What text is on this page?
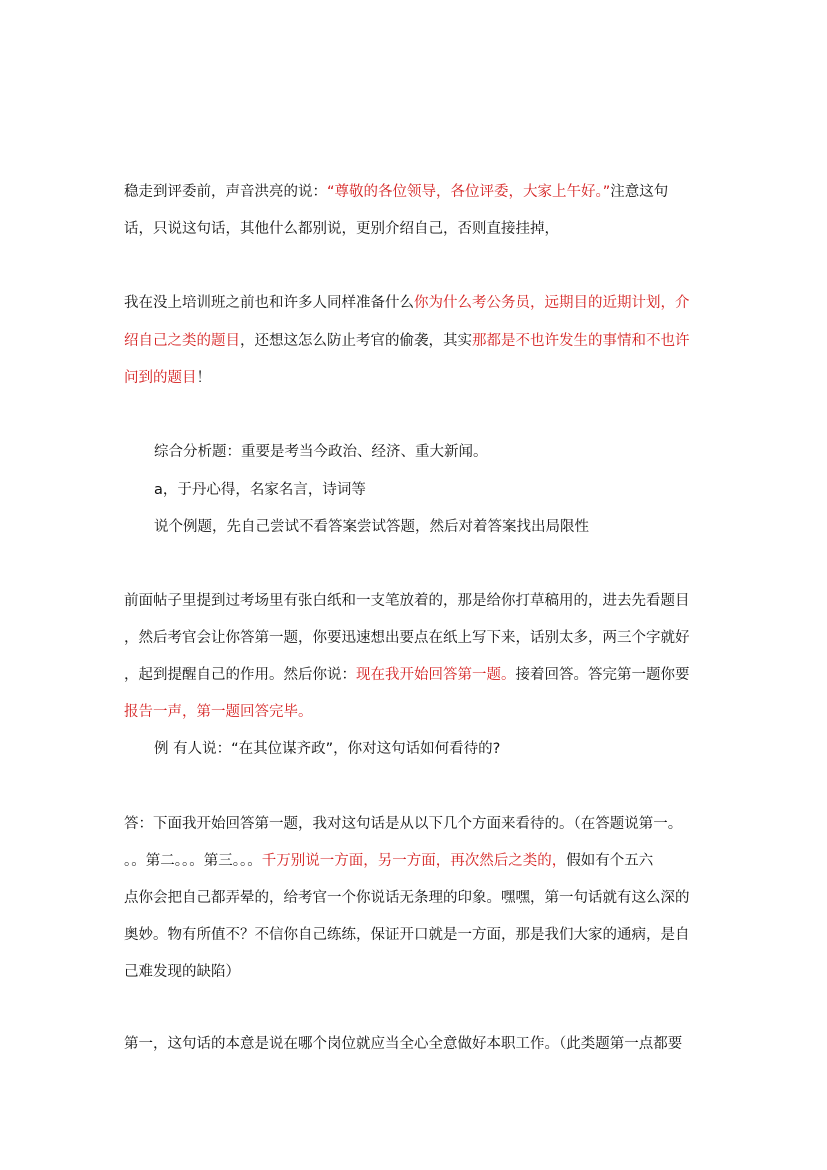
稳走到评委前，声音洪亮的说：“尊敬的各位领导，各位评委，大家上午好。”注意这句
话，只说这句话，其他什么都别说，更别介绍自己，否则直接挂掉，
我在没上培训班之前也和许多人同样准备什么你为什么考公务员，远期目的近期计划，介
绍自己之类的题目，还想这怎么防止考官的偷袭，其实那都是不也许发生的事情和不也许
问到的题目！
综合分析题：重要是考当今政治、经济、重大新闻。
a，于丹心得，名家名言，诗词等
说个例题，先自己尝试不看答案尝试答题，然后对着答案找出局限性
前面帖子里提到过考场里有张白纸和一支笔放着的，那是给你打草稿用的，进去先看题目
，然后考官会让你答第一题，你要迅速想出要点在纸上写下来，话别太多，两三个字就好
，起到提醒自己的作用。然后你说：现在我开始回答第一题。接着回答。答完第一题你要
报告一声，第一题回答完毕。
例 有人说：“在其位谋齐政”，你对这句话如何看待的?
答：下面我开始回答第一题，我对这句话是从以下几个方面来看待的。（在答题说第一。
。。第二。。。第三。。。千万别说一方面，另一方面，再次然后之类的，假如有个五六
点你会把自己都弄晕的，给考官一个你说话无条理的印象。嘿嘿，第一句话就有这么深的
奥妙。物有所值不？不信你自己练练，保证开口就是一方面，那是我们大家的通病，是自
己难发现的缺陷）
第一，这句话的本意是说在哪个岗位就应当全心全意做好本职工作。（此类题第一点都要
